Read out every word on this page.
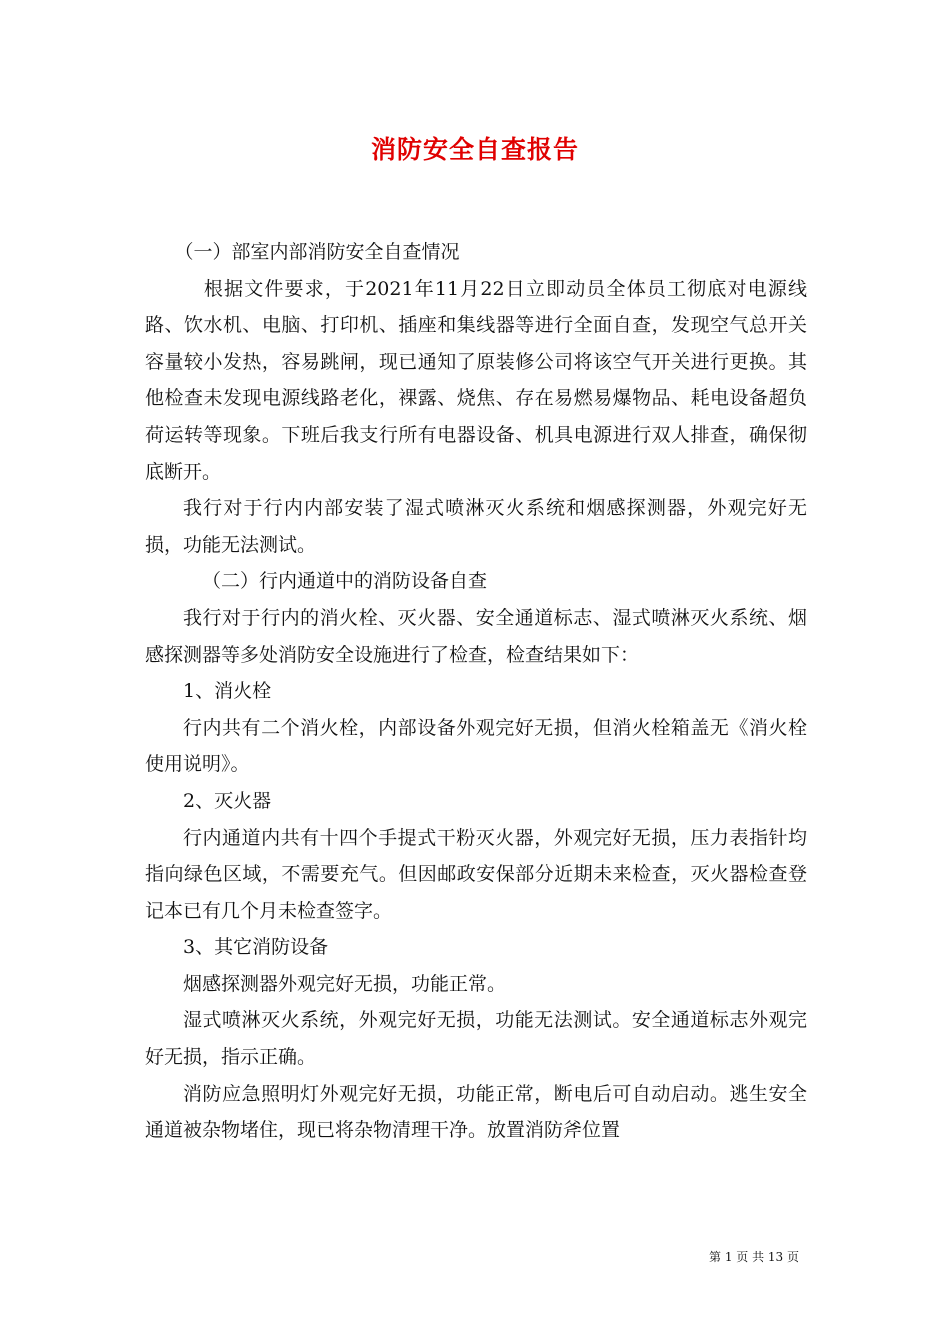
消防安全自查报告

（一）部室内部消防安全自查情况

根据文件要求，于2021年11月22日立即动员全体员工彻底对电源线路、饮水机、电脑、打印机、插座和集线器等进行全面自查，发现空气总开关容量较小发热，容易跳闸，现已通知了原装修公司将该空气开关进行更换。其他检查未发现电源线路老化，裸露、烧焦、存在易燃易爆物品、耗电设备超负荷运转等现象。下班后我支行所有电器设备、机具电源进行双人排查，确保彻底断开。

我行对于行内内部安装了湿式喷淋灭火系统和烟感探测器，外观完好无损，功能无法测试。

（二）行内通道中的消防设备自查

我行对于行内的消火栓、灭火器、安全通道标志、湿式喷淋灭火系统、烟感探测器等多处消防安全设施进行了检查，检查结果如下：

1、消火栓

行内共有二个消火栓，内部设备外观完好无损，但消火栓箱盖无《消火栓使用说明》。

2、灭火器

行内通道内共有十四个手提式干粉灭火器，外观完好无损，压力表指针均指向绿色区域，不需要充气。但因邮政安保部分近期未来检查，灭火器检查登记本已有几个月未检查签字。

3、其它消防设备

烟感探测器外观完好无损，功能正常。

湿式喷淋灭火系统，外观完好无损，功能无法测试。安全通道标志外观完好无损，指示正确。

消防应急照明灯外观完好无损，功能正常，断电后可自动启动。逃生安全通道被杂物堵住，现已将杂物清理干净。放置消防斧位置

第 1 页 共 13 页
